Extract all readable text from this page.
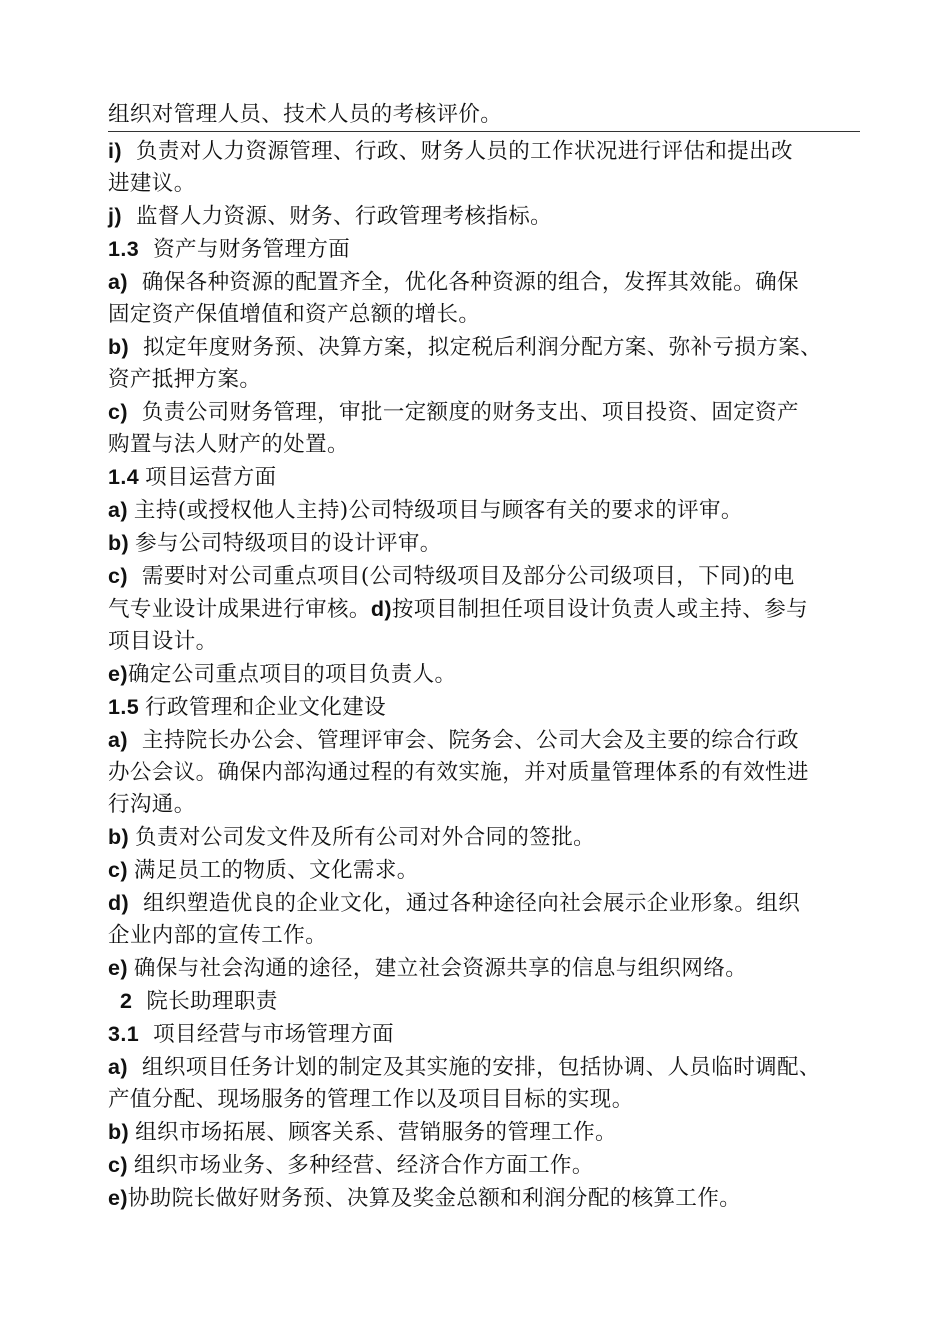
组织对管理人员、技术人员的考核评价。
i) 负责对人力资源管理、行政、财务人员的工作状况进行评估和提出改
进建议。
j) 监督人力资源、财务、行政管理考核指标。
1.3 资产与财务管理方面
a) 确保各种资源的配置齐全，优化各种资源的组合，发挥其效能。确保
固定资产保值增值和资产总额的增长。
b) 拟定年度财务预、决算方案，拟定税后利润分配方案、弥补亏损方案、
资产抵押方案。
c) 负责公司财务管理，审批一定额度的财务支出、项目投资、固定资产
购置与法人财产的处置。
1.4 项目运营方面
a) 主持(或授权他人主持)公司特级项目与顾客有关的要求的评审。
b) 参与公司特级项目的设计评审。
c) 需要时对公司重点项目(公司特级项目及部分公司级项目，下同)的电
气专业设计成果进行审核。d)按项目制担任项目设计负责人或主持、参与
项目设计。
e)确定公司重点项目的项目负责人。
1.5 行政管理和企业文化建设
a) 主持院长办公会、管理评审会、院务会、公司大会及主要的综合行政
办公会议。确保内部沟通过程的有效实施，并对质量管理体系的有效性进
行沟通。
b) 负责对公司发文件及所有公司对外合同的签批。
c) 满足员工的物质、文化需求。
d) 组织塑造优良的企业文化，通过各种途径向社会展示企业形象。组织
企业内部的宣传工作。
e) 确保与社会沟通的途径，建立社会资源共享的信息与组织网络。
2 院长助理职责
3.1 项目经营与市场管理方面
a) 组织项目任务计划的制定及其实施的安排，包括协调、人员临时调配、
产值分配、现场服务的管理工作以及项目目标的实现。
b) 组织市场拓展、顾客关系、营销服务的管理工作。
c) 组织市场业务、多种经营、经济合作方面工作。
e)协助院长做好财务预、决算及奖金总额和利润分配的核算工作。
